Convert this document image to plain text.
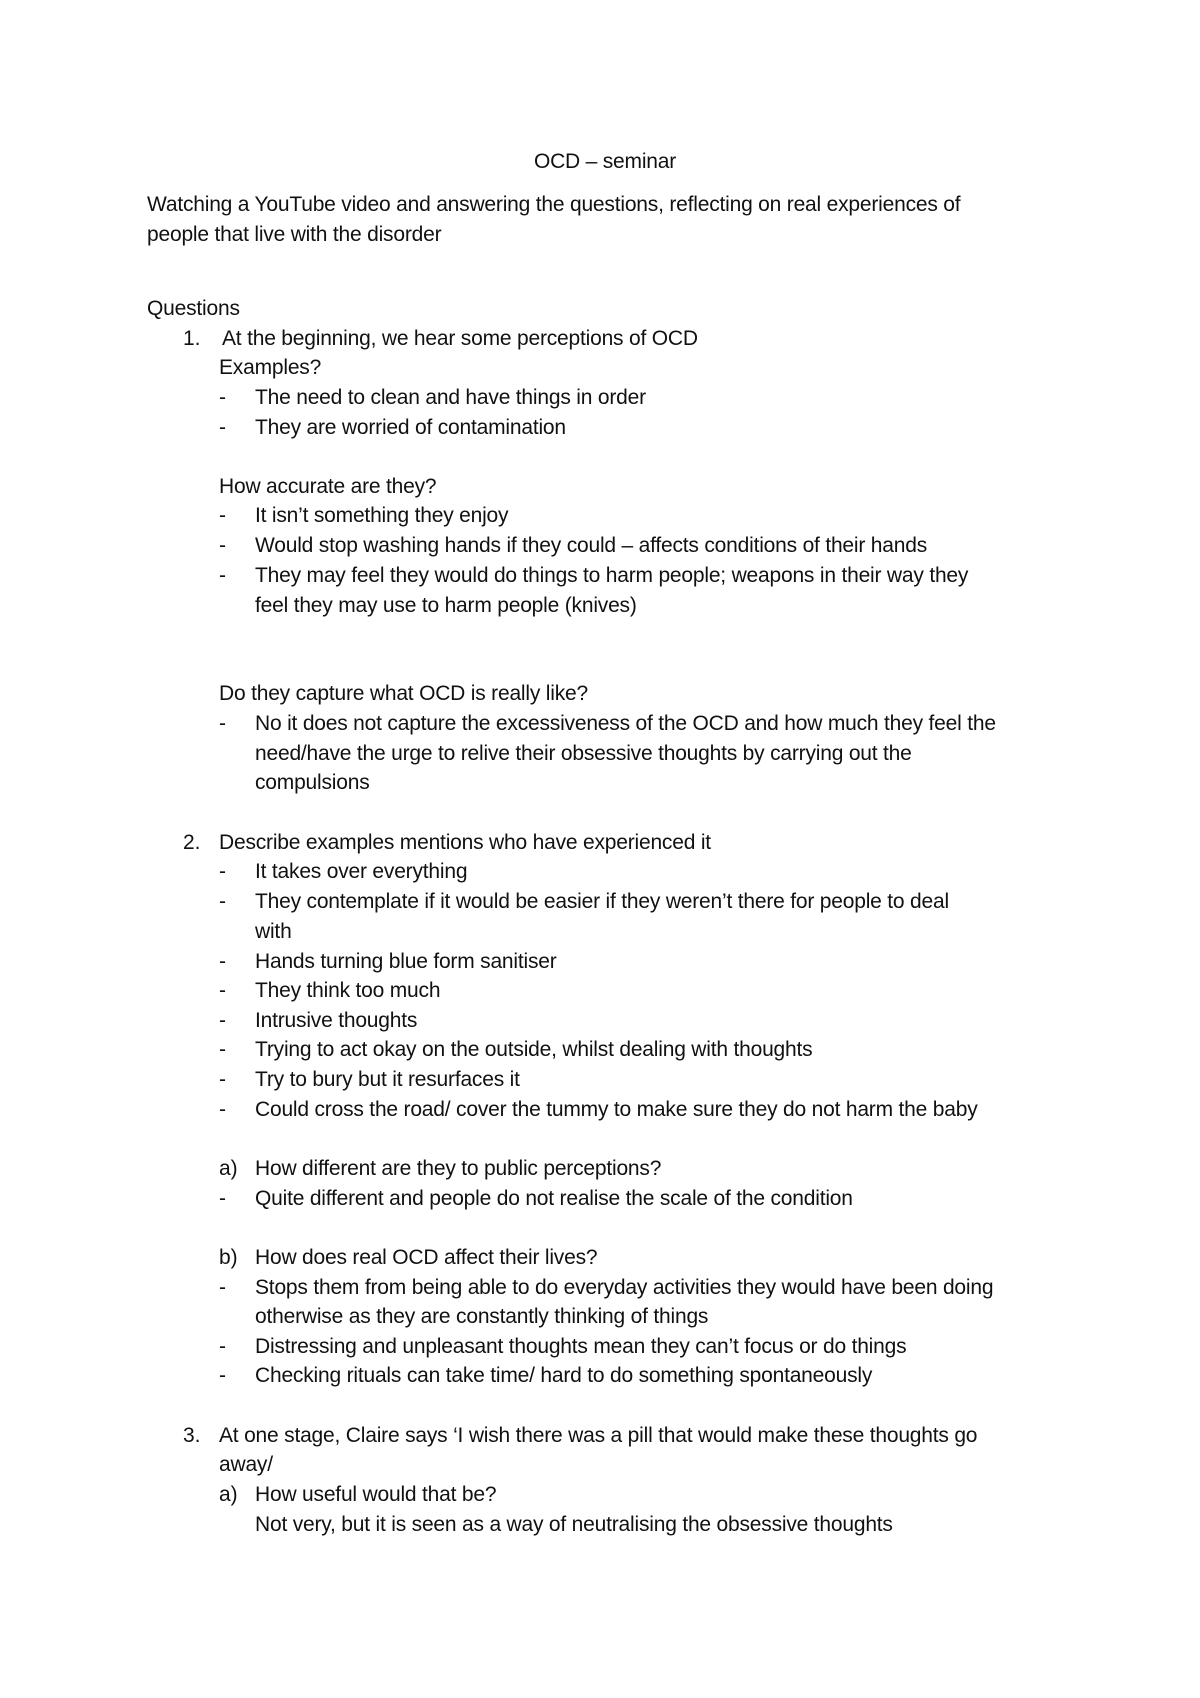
OCD – seminar
Watching a YouTube video and answering the questions, reflecting on real experiences of
people that live with the disorder
Questions
1. At the beginning, we hear some perceptions of OCD
Examples?
- The need to clean and have things in order
- They are worried of contamination
How accurate are they?
- It isn’t something they enjoy
- Would stop washing hands if they could – affects conditions of their hands
- They may feel they would do things to harm people; weapons in their way they
feel they may use to harm people (knives)
Do they capture what OCD is really like?
- No it does not capture the excessiveness of the OCD and how much they feel the
need/have the urge to relive their obsessive thoughts by carrying out the
compulsions
2. Describe examples mentions who have experienced it
- It takes over everything
- They contemplate if it would be easier if they weren’t there for people to deal
with
- Hands turning blue form sanitiser
- They think too much
- Intrusive thoughts
- Trying to act okay on the outside, whilst dealing with thoughts
- Try to bury but it resurfaces it
- Could cross the road/ cover the tummy to make sure they do not harm the baby
a) How different are they to public perceptions?
- Quite different and people do not realise the scale of the condition
b) How does real OCD affect their lives?
- Stops them from being able to do everyday activities they would have been doing
otherwise as they are constantly thinking of things
- Distressing and unpleasant thoughts mean they can’t focus or do things
- Checking rituals can take time/ hard to do something spontaneously
3. At one stage, Claire says ‘I wish there was a pill that would make these thoughts go
away/
a) How useful would that be?
Not very, but it is seen as a way of neutralising the obsessive thoughts
